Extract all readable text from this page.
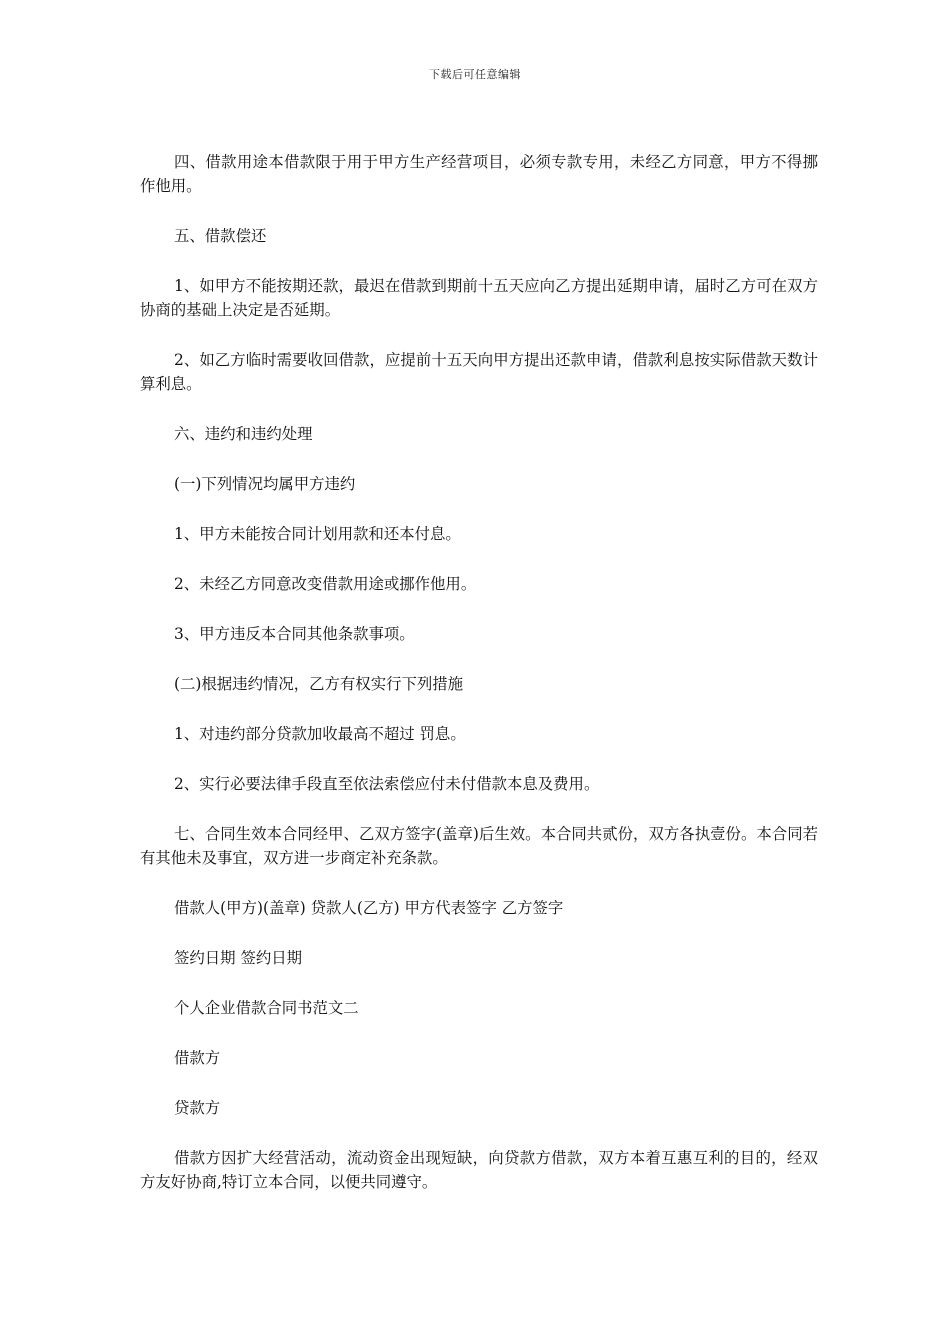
下载后可任意编辑

四、借款用途本借款限于用于甲方生产经营项目，必须专款专用，未经乙方同意，甲方不得挪作他用。

五、借款偿还

1、如甲方不能按期还款，最迟在借款到期前十五天应向乙方提出延期申请，届时乙方可在双方协商的基础上决定是否延期。

2、如乙方临时需要收回借款，应提前十五天向甲方提出还款申请，借款利息按实际借款天数计算利息。

六、违约和违约处理

(一)下列情况均属甲方违约

1、甲方未能按合同计划用款和还本付息。

2、未经乙方同意改变借款用途或挪作他用。

3、甲方违反本合同其他条款事项。

(二)根据违约情况，乙方有权实行下列措施

1、对违约部分贷款加收最高不超过 罚息。

2、实行必要法律手段直至依法索偿应付未付借款本息及费用。

七、合同生效本合同经甲、乙双方签字(盖章)后生效。本合同共贰份，双方各执壹份。本合同若有其他未及事宜，双方进一步商定补充条款。

借款人(甲方)(盖章) 贷款人(乙方) 甲方代表签字 乙方签字

签约日期 签约日期

个人企业借款合同书范文二

借款方

贷款方

借款方因扩大经营活动，流动资金出现短缺，向贷款方借款，双方本着互惠互利的目的，经双方友好协商,特订立本合同，以便共同遵守。
